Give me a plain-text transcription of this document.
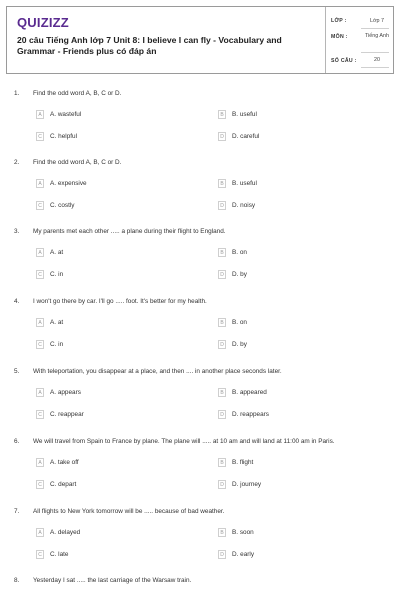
QUIZIZZ
20 câu Tiếng Anh lớp 7 Unit 8: I believe I can fly - Vocabulary and Grammar - Friends plus có đáp án
LỚP :	Lớp 7
MÔN :	Tiếng Anh
SỐ CÂU :	20
1. Find the odd word A, B, C or D.
A	A. wasteful	B	B. useful
C	C. helpful	D	D. careful
2. Find the odd word A, B, C or D.
A	A. expensive	B	B. useful
C	C. costly	D	D. noisy
3. My parents met each other ..... a plane during their flight to England.
A	A. at	B	B. on
C	C. in	D	D. by
4. I won't go there by car. I'll go ..... foot. It's better for my health.
A	A. at	B	B. on
C	C. in	D	D. by
5. With teleportation, you disappear at a place, and then .... in another place seconds later.
A	A. appears	B	B. appeared
C	C. reappear	D	D. reappears
6. We will travel from Spain to France by plane. The plane will ..... at 10 am and will land at 11:00 am in Paris.
A	A. take off	B	B. flight
C	C. depart	D	D. journey
7. All flights to New York tomorrow will be ..... because of bad weather.
A	A. delayed	B	B. soon
C	C. late	D	D. early
8. Yesterday I sat ..... the last carriage of the Warsaw train.
